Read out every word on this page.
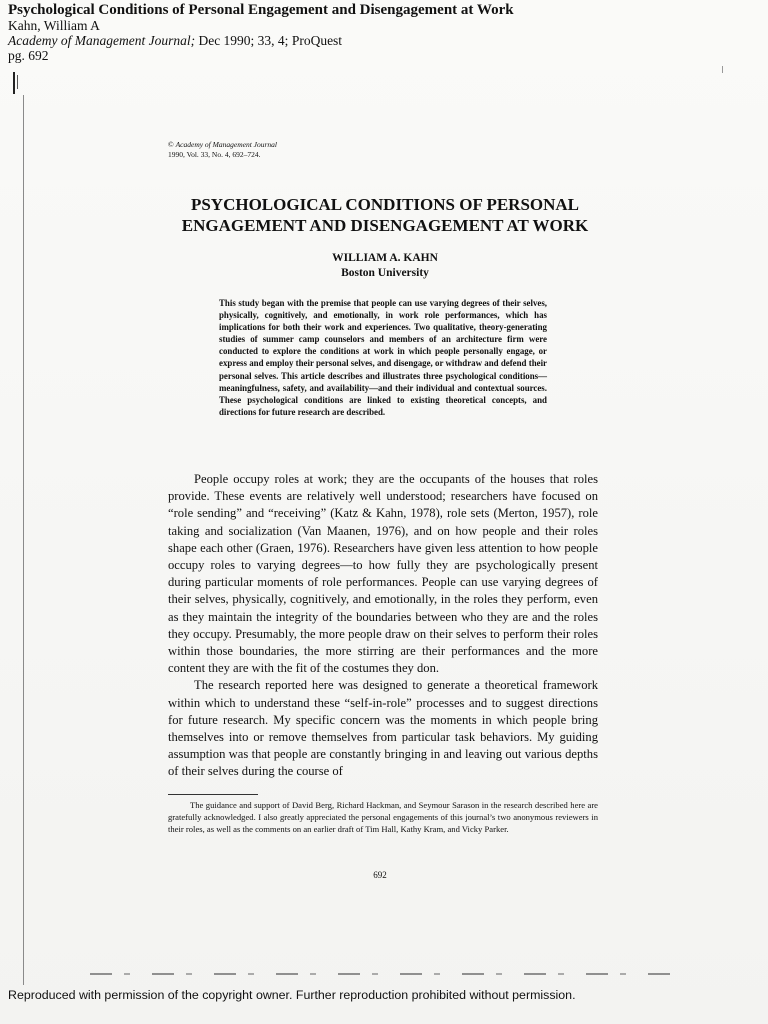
Psychological Conditions of Personal Engagement and Disengagement at Work

Kahn, William A

Academy of Management Journal; Dec 1990; 33, 4; ProQuest

pg. 692

© Academy of Management Journal
1990, Vol. 33, No. 4, 692–724.
PSYCHOLOGICAL CONDITIONS OF PERSONAL
ENGAGEMENT AND DISENGAGEMENT AT WORK
WILLIAM A. KAHN
Boston University

This study began with the premise that people can use varying degrees of their selves, physically, cognitively, and emotionally, in work role performances, which has implications for both their work and experiences. Two qualitative, theory-generating studies of summer camp counselors and members of an architecture firm were conducted to explore the conditions at work in which people personally engage, or express and employ their personal selves, and disengage, or withdraw and defend their personal selves. This article describes and illustrates three psychological conditions—meaningfulness, safety, and availability—and their individual and contextual sources. These psychological conditions are linked to existing theoretical concepts, and directions for future research are described.

People occupy roles at work; they are the occupants of the houses that roles provide. These events are relatively well understood; researchers have focused on “role sending” and “receiving” (Katz & Kahn, 1978), role sets (Merton, 1957), role taking and socialization (Van Maanen, 1976), and on how people and their roles shape each other (Graen, 1976). Researchers have given less attention to how people occupy roles to varying degrees—to how fully they are psychologically present during particular moments of role performances. People can use varying degrees of their selves, physically, cognitively, and emotionally, in the roles they perform, even as they maintain the integrity of the boundaries between who they are and the roles they occupy. Presumably, the more people draw on their selves to perform their roles within those boundaries, the more stirring are their performances and the more content they are with the fit of the costumes they don.

The research reported here was designed to generate a theoretical framework within which to understand these “self-in-role” processes and to suggest directions for future research. My specific concern was the moments in which people bring themselves into or remove themselves from particular task behaviors. My guiding assumption was that people are constantly bringing in and leaving out various depths of their selves during the course of

The guidance and support of David Berg, Richard Hackman, and Seymour Sarason in the research described here are gratefully acknowledged. I also greatly appreciated the personal engagements of this journal’s two anonymous reviewers in their roles, as well as the comments on an earlier draft of Tim Hall, Kathy Kram, and Vicky Parker.

692
Reproduced with permission of the copyright owner. Further reproduction prohibited without permission.
